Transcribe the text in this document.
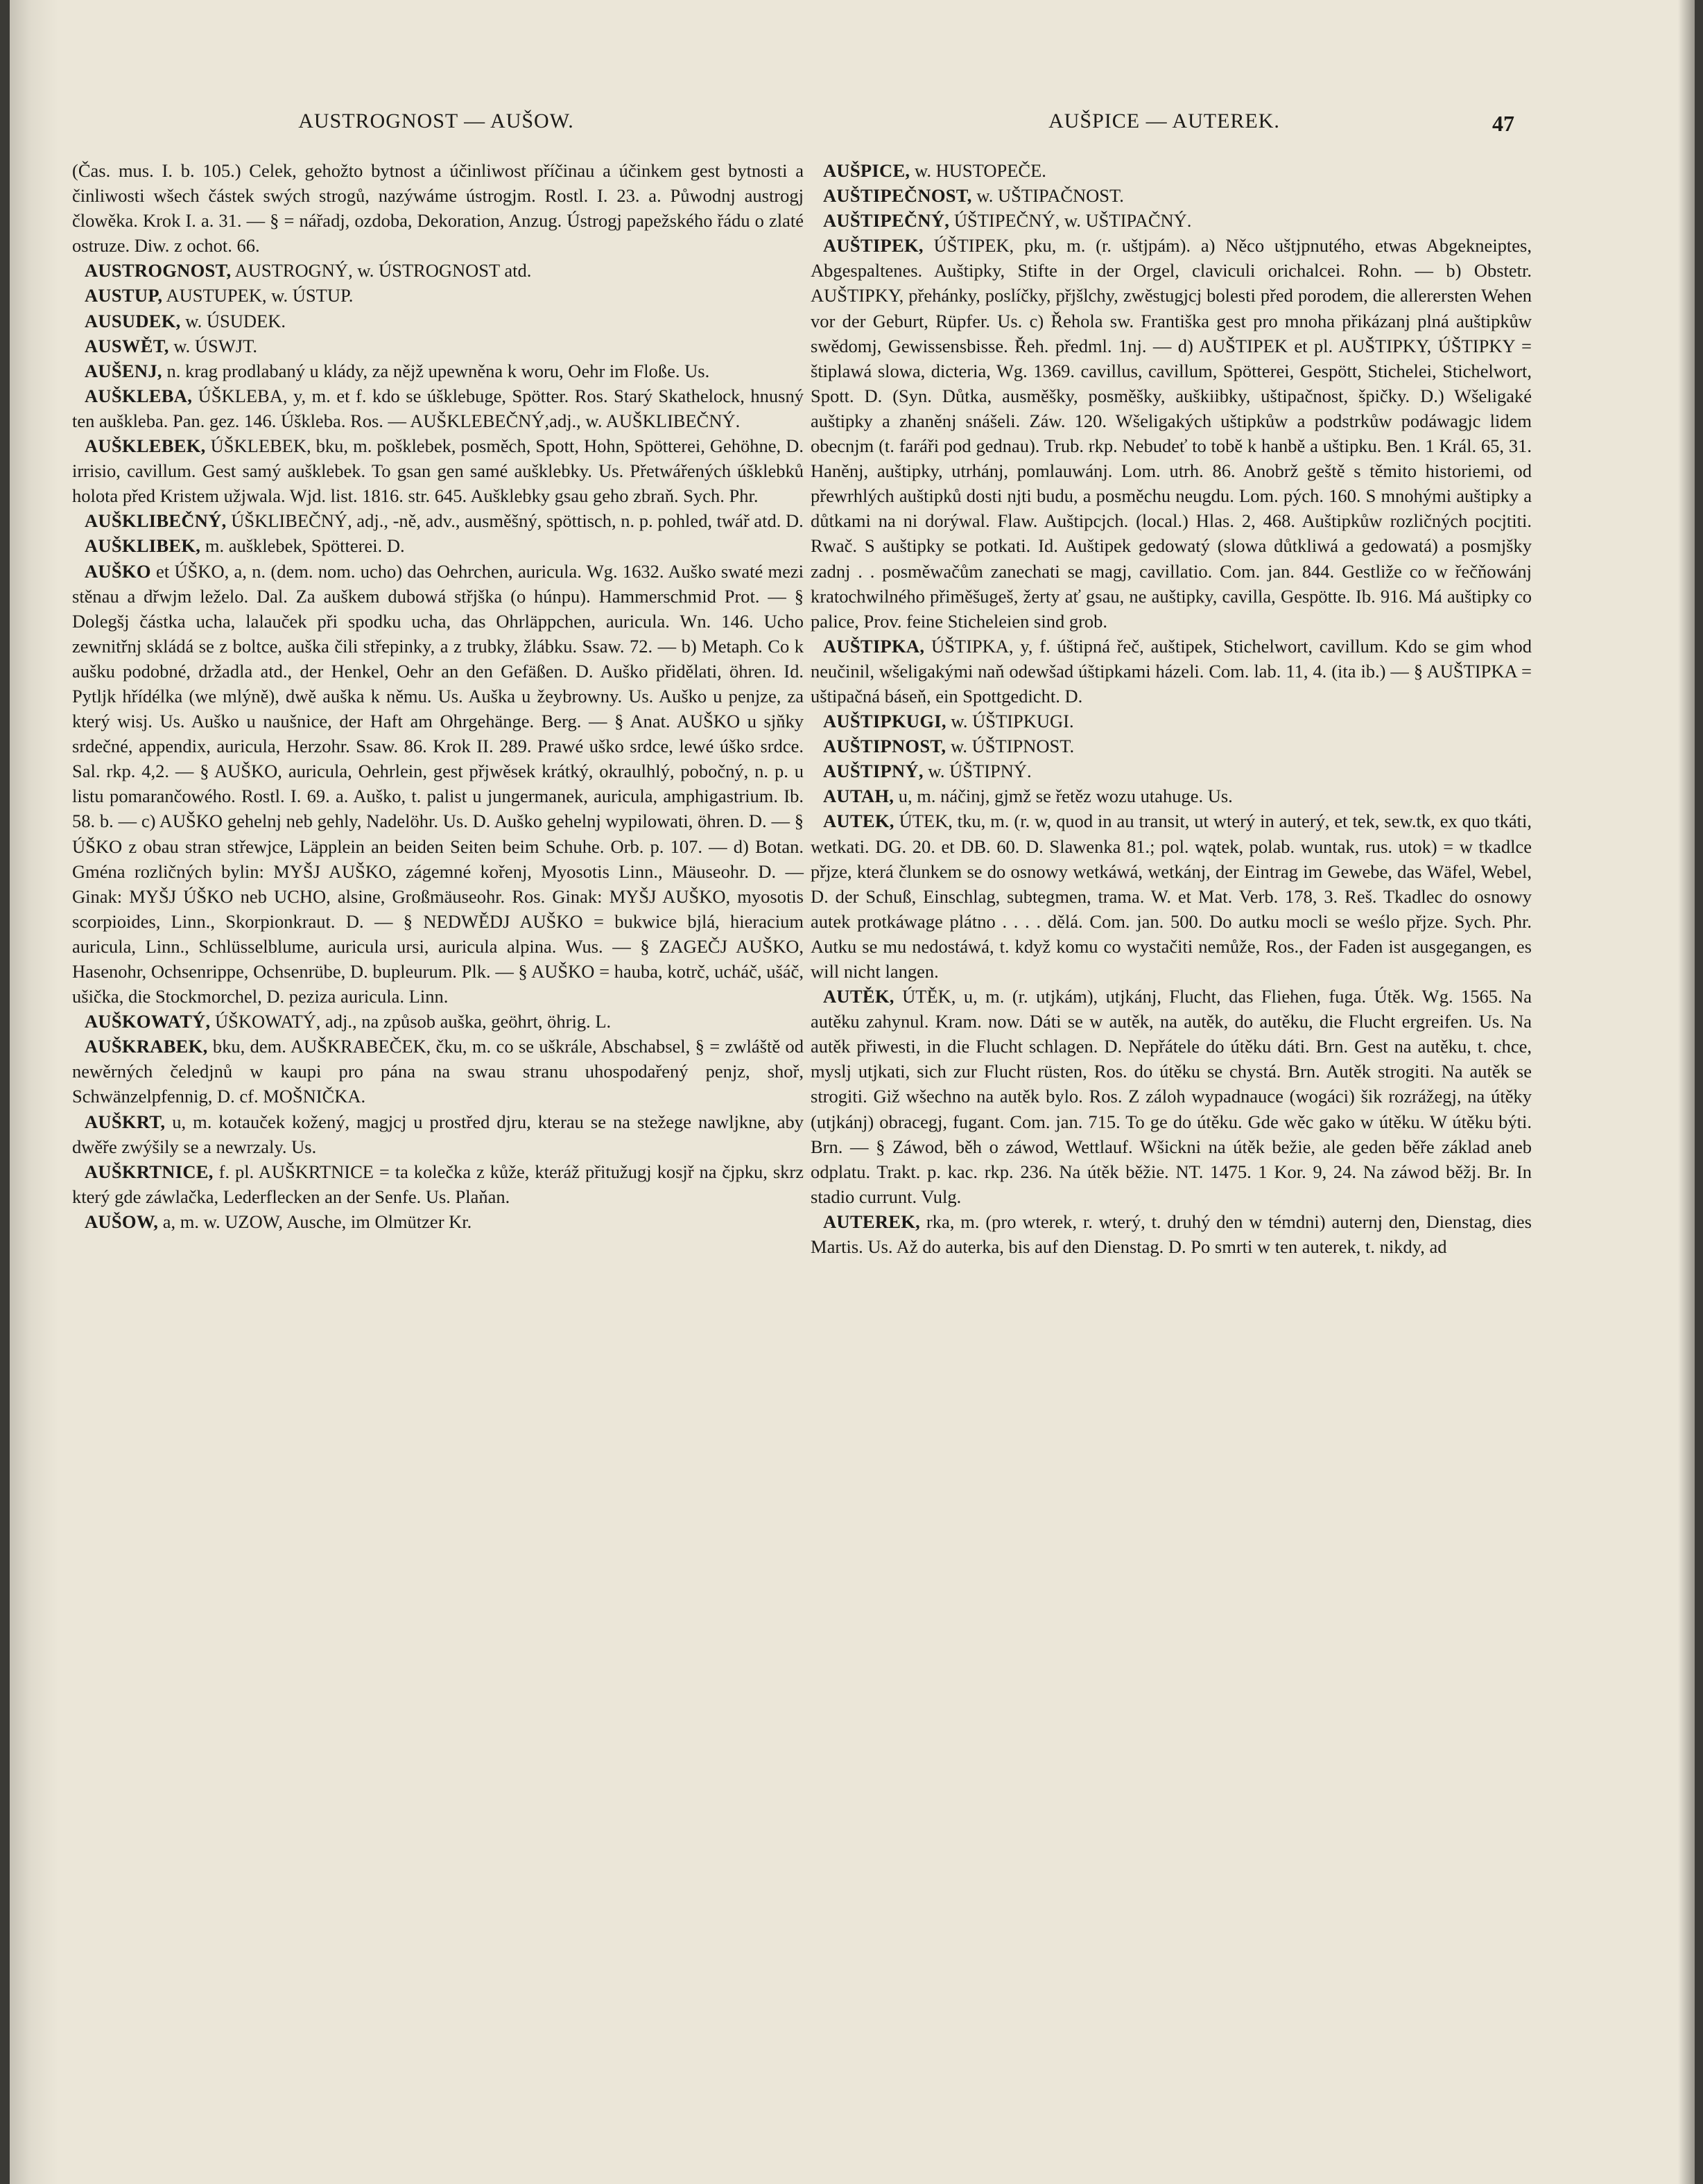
AUSTROGNOST — AUŠOW.	AUŠPICE — AUTEREK.	47

(Čas. mus. I. b. 105.) Celek, gehožto bytnost a účinliwost příčinau a účinkem gest bytnosti a činliwosti wšech částek swých strogů, nazýwáme ústrogjm. Rostl. I. 23. a. Půwodnj austrogj člowěka. Krok I. a. 31. — § = nářadj, ozdoba, Dekoration, Anzug. Ústrogj papežského řádu o zlaté ostruze. Diw. z ochot. 66.

AUSTROGNOST, AUSTROGNÝ, w. ÚSTROGNOST atd.

AUSTUP, AUSTUPEK, w. ÚSTUP.

AUSUDEK, w. ÚSUDEK.

AUSWĚT, w. ÚSWJT.

AUŠENJ, n. krag prodlabaný u klády, za nějž upewněna k woru, Oehr im Floße. Us.

AUŠKLEBA, ÚŠKLEBA, y, m. et f. kdo se úšklebuge, Spötter. Ros. Starý Skathelock, hnusný ten auškleba. Pan. gez. 146. Úškleba. Ros. — AUŠKLEBEČNÝ,adj., w. AUŠKLIBEČNÝ.

AUŠKLEBEK, ÚŠKLEBEK, bku, m. pošklebek, posměch, Spott, Hohn, Spötterei, Gehöhne, D. irrisio, cavillum. Gest samý aušklebek. To gsan gen samé aušklebky. Us. Přetwářených úšklebků holota před Kristem užjwala. Wjd. list. 1816. str. 645. Aušklebky gsau geho zbraň. Sych. Phr.

AUŠKLIBEČNÝ, ÚŠKLIBEČNÝ, adj., -ně, adv., ausměšný, spöttisch, n. p. pohled, twář atd. D.

AUŠKLIBEK, m. aušklebek, Spötterei. D.

AUŠKO et ÚŠKO, a, n. (dem. nom. ucho) das Oehrchen, auricula. Wg. 1632. Auško swaté mezi stěnau a dřwjm leželo. Dal. Za auškem dubowá střjška (o húnpu). Hammerschmid Prot. — § Dolegšj částka ucha, lalauček při spodku ucha, das Ohrläppchen, auricula. Wn. 146. Ucho zewnitřnj skládá se z boltce, auška čili střepinky, a z trubky, žlábku. Ssaw. 72. — b) Metaph. Co k aušku podobné, držadla atd., der Henkel, Oehr an den Gefäßen. D. Auško přidělati, öhren. Id. Pytljk hřídélka (we mlýně), dwě auška k němu. Us. Auška u žeybrowny. Us. Auško u penjze, za který wisj. Us. Auško u naušnice, der Haft am Ohrgehänge. Berg. — § Anat. AUŠKO u sjňky srdečné, appendix, auricula, Herzohr. Ssaw. 86. Krok II. 289. Prawé uško srdce, lewé úško srdce. Sal. rkp. 4,2. — § AUŠKO, auricula, Oehrlein, gest přjwěsek krátký, okraulhlý, pobočný, n. p. u listu pomarančowého. Rostl. I. 69. a. Auško, t. palist u jungermanek, auricula, amphigastrium. Ib. 58. b. — c) AUŠKO gehelnj neb gehly, Nadelöhr. Us. D. Auško gehelnj wypilowati, öhren. D. — § ÚŠKO z obau stran střewjce, Läpplein an beiden Seiten beim Schuhe. Orb. p. 107. — d) Botan. Gména rozličných bylin: MYŠJ AUŠKO, zágemné kořenj, Myosotis Linn., Mäuseohr. D. — Ginak: MYŠJ ÚŠKO neb UCHO, alsine, Großmäuseohr. Ros. Ginak: MYŠJ AUŠKO, myosotis scorpioides, Linn., Skorpionkraut. D. — § NEDWĚDJ AUŠKO = bukwice bjlá, hieracium auricula, Linn., Schlüsselblume, auricula ursi, auricula alpina. Wus. — § ZAGEČJ AUŠKO, Hasenohr, Ochsenrippe, Ochsenrübe, D. bupleurum. Plk. — § AUŠKO = hauba, kotrč, ucháč, ušáč, ušička, die Stockmorchel, D. peziza auricula. Linn.

AUŠKOWATÝ, ÚŠKOWATÝ, adj., na způsob auška, geöhrt, öhrig. L.

AUŠKRABEK, bku, dem. AUŠKRABEČEK, čku, m. co se uškrále, Abschabsel, § = zwláště od newěrných čeledjnů w kaupi pro pána na swau stranu uhospodařený penjz, shoř, Schwänzelpfennig, D. cf. MOŠNIČKA.

AUŠKRT, u, m. kotauček kožený, magjcj u prostřed djru, kterau se na stežege nawljkne, aby dwěře zwýšily se a newrzaly. Us.

AUŠKRTNICE, f. pl. AUŠKRTNICE = ta kolečka z kůže, kteráž přitužugj kosjř na čjpku, skrz který gde záwlačka, Lederflecken an der Senfe. Us. Plaňan.

AUŠOW, a, m. w. UZOW, Ausche, im Olmützer Kr.

AUŠPICE, w. HUSTOPEČE.

AUŠTIPEČNOST, w. UŠTIPAČNOST.

AUŠTIPEČNÝ, ÚŠTIPEČNÝ, w. UŠTIPAČNÝ.

AUŠTIPEK, ÚŠTIPEK, pku, m. (r. uštjpám). a) Něco uštjpnutého, etwas Abgekneiptes, Abgespaltenes. Auštipky, Stifte in der Orgel, claviculi orichalcei. Rohn. — b) Obstetr. AUŠTIPKY, přehánky, poslíčky, přjšlchy, zwěstugjcj bolesti před porodem, die allerersten Wehen vor der Geburt, Rüpfer. Us. c) Řehola sw. Františka gest pro mnoha přikázanj plná auštipkůw swědomj, Gewissensbisse. Řeh. předml. 1nj. — d) AUŠTIPEK et pl. AUŠTIPKY, ÚŠTIPKY = štiplawá slowa, dicteria, Wg. 1369. cavillus, cavillum, Spötterei, Gespött, Stichelei, Stichelwort, Spott. D. (Syn. Důtka, ausměšky, posměšky, auškiibky, uštipačnost, špičky. D.) Wšeligaké auštipky a zhaněnj snášeli. Záw. 120. Wšeligakých uštipkůw a podstrkůw podáwagjc lidem obecnjm (t. faráři pod gednau). Trub. rkp. Nebudeť to tobě k hanbě a uštipku. Ben. 1 Král. 65, 31. Haněnj, auštipky, utrhánj, pomlauwánj. Lom. utrh. 86. Anobrž geště s těmito historiemi, od přewrhlých auštipků dosti njti budu, a posměchu neugdu. Lom. pých. 160. S mnohými auštipky a důtkami na ni dorýwal. Flaw. Auštipcjch. (local.) Hlas. 2, 468. Auštipkůw rozličných pocjtiti. Rwač. S auštipky se potkati. Id. Auštipek gedowatý (slowa důtkliwá a gedowatá) a posmjšky zadnj . . posměwačům zanechati se magj, cavillatio. Com. jan. 844. Gestliže co w řečňowánj kratochwilného přiměšugeš, žerty ať gsau, ne auštipky, cavilla, Gespötte. Ib. 916. Má auštipky co palice, Prov. feine Sticheleien sind grob.

AUŠTIPKA, ÚŠTIPKA, y, f. úštipná řeč, auštipek, Stichelwort, cavillum. Kdo se gim whod neučinil, wšeligakými naň odewšad úštipkami házeli. Com. lab. 11, 4. (ita ib.) — § AUŠTIPKA = uštipačná báseň, ein Spottgedicht. D.

AUŠTIPKUGI, w. ÚŠTIPKUGI.

AUŠTIPNOST, w. ÚŠTIPNOST.

AUŠTIPNÝ, w. ÚŠTIPNÝ.

AUTAH, u, m. náčinj, gjmž se řetěz wozu utahuge. Us.

AUTEK, ÚTEK, tku, m. (r. w, quod in au transit, ut wterý in auterý, et tek, sew.tk, ex quo tkáti, wetkati. DG. 20. et DB. 60. D. Slawenka 81.; pol. wątek, polab. wuntak, rus. utok) = w tkadlce přjze, která člunkem se do osnowy wetkáwá, wetkánj, der Eintrag im Gewebe, das Wäfel, Webel, D. der Schuß, Einschlag, subtegmen, trama. W. et Mat. Verb. 178, 3. Reš. Tkadlec do osnowy autek protkáwage plátno . . . . dělá. Com. jan. 500. Do autku mocli se weślo přjze. Sych. Phr. Autku se mu nedostáwá, t. když komu co wystačiti nemůže, Ros., der Faden ist ausgegangen, es will nicht langen.

AUTĚK, ÚTĚK, u, m. (r. utjkám), utjkánj, Flucht, das Fliehen, fuga. Útěk. Wg. 1565. Na autěku zahynul. Kram. now. Dáti se w autěk, na autěk, do autěku, die Flucht ergreifen. Us. Na autěk přiwesti, in die Flucht schlagen. D. Nepřátele do útěku dáti. Brn. Gest na autěku, t. chce, myslj utjkati, sich zur Flucht rüsten, Ros. do útěku se chystá. Brn. Autěk strogiti. Na autěk se strogiti. Giž wšechno na autěk bylo. Ros. Z záloh wypadnauce (wogáci) šik rozrážegj, na útěky (utjkánj) obracegj, fugant. Com. jan. 715. To ge do útěku. Gde wěc gako w útěku. W útěku býti. Brn. — § Záwod, běh o záwod, Wettlauf. Wšickni na útěk bežie, ale geden běře základ aneb odplatu. Trakt. p. kac. rkp. 236. Na útěk běžie. NT. 1475. 1 Kor. 9, 24. Na záwod běžj. Br. In stadio currunt. Vulg.

AUTEREK, rka, m. (pro wterek, r. wterý, t. druhý den w témdni) auternj den, Dienstag, dies Martis. Us. Až do auterka, bis auf den Dienstag. D. Po smrti w ten auterek, t. nikdy, ad
